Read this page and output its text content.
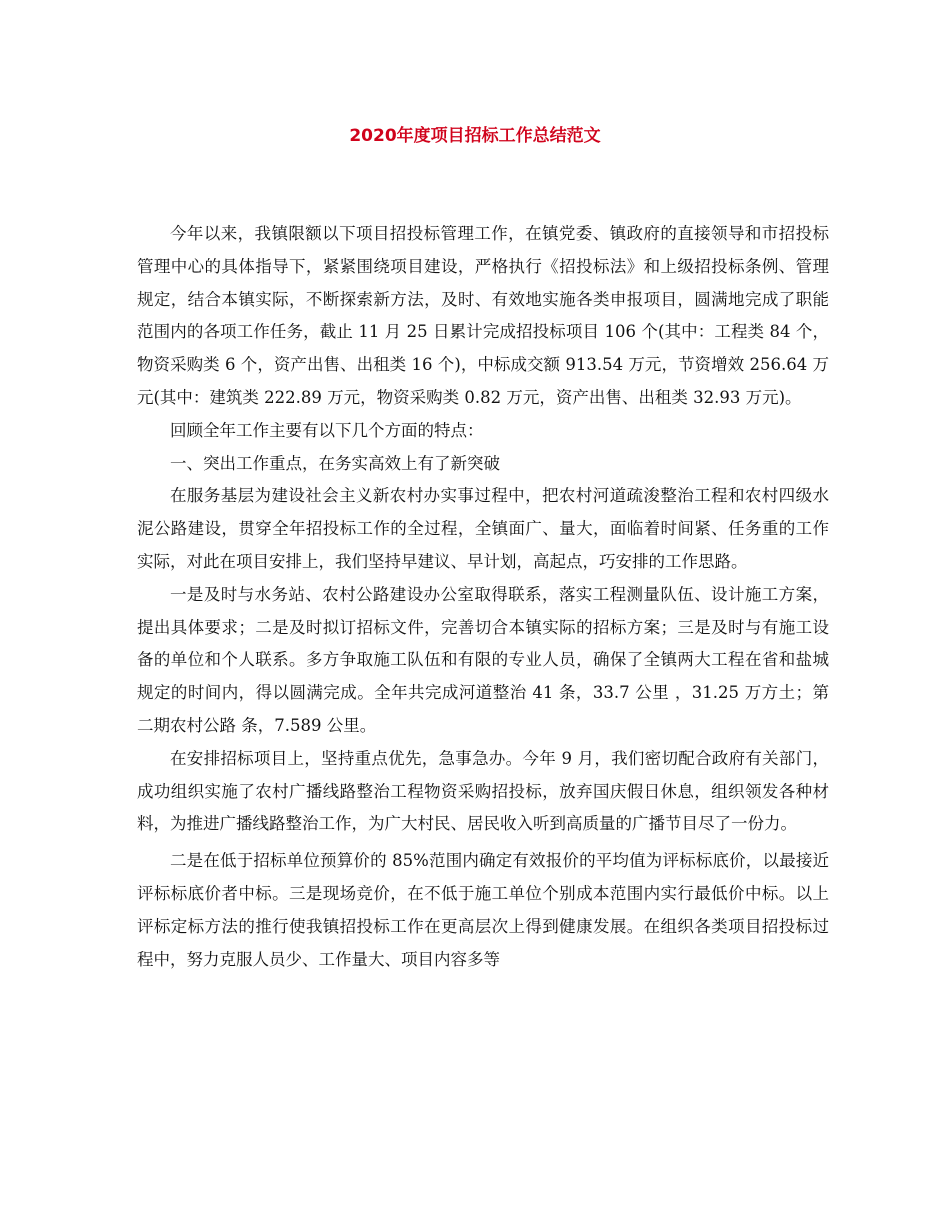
2020年度项目招标工作总结范文

今年以来，我镇限额以下项目招投标管理工作，在镇党委、镇政府的直接领导和市招投标管理中心的具体指导下，紧紧围绕项目建设，严格执行《招投标法》和上级招投标条例、管理规定，结合本镇实际，不断探索新方法，及时、有效地实施各类申报项目，圆满地完成了职能范围内的各项工作任务，截止 11 月 25 日累计完成招投标项目 106 个(其中：工程类 84 个，物资采购类 6 个，资产出售、出租类 16 个)，中标成交额 913.54 万元，节资增效 256.64 万元(其中：建筑类 222.89 万元，物资采购类 0.82 万元，资产出售、出租类 32.93 万元)。

回顾全年工作主要有以下几个方面的特点：

一、突出工作重点，在务实高效上有了新突破

在服务基层为建设社会主义新农村办实事过程中，把农村河道疏浚整治工程和农村四级水泥公路建设，贯穿全年招投标工作的全过程，全镇面广、量大，面临着时间紧、任务重的工作实际，对此在项目安排上，我们坚持早建议、早计划，高起点，巧安排的工作思路。

一是及时与水务站、农村公路建设办公室取得联系，落实工程测量队伍、设计施工方案，提出具体要求；二是及时拟订招标文件，完善切合本镇实际的招标方案；三是及时与有施工设备的单位和个人联系。多方争取施工队伍和有限的专业人员，确保了全镇两大工程在省和盐城规定的时间内，得以圆满完成。全年共完成河道整治 41 条，33.7 公里 ，31.25 万方土；第二期农村公路 条，7.589 公里。

在安排招标项目上，坚持重点优先，急事急办。今年 9 月，我们密切配合政府有关部门，成功组织实施了农村广播线路整治工程物资采购招投标，放弃国庆假日休息，组织领发各种材料，为推进广播线路整治工作，为广大村民、居民收入听到高质量的广播节目尽了一份力。

二是在低于招标单位预算价的 85%范围内确定有效报价的平均值为评标标底价，以最接近评标标底价者中标。三是现场竞价，在不低于施工单位个别成本范围内实行最低价中标。以上评标定标方法的推行使我镇招投标工作在更高层次上得到健康发展。在组织各类项目招投标过程中，努力克服人员少、工作量大、项目内容多等
